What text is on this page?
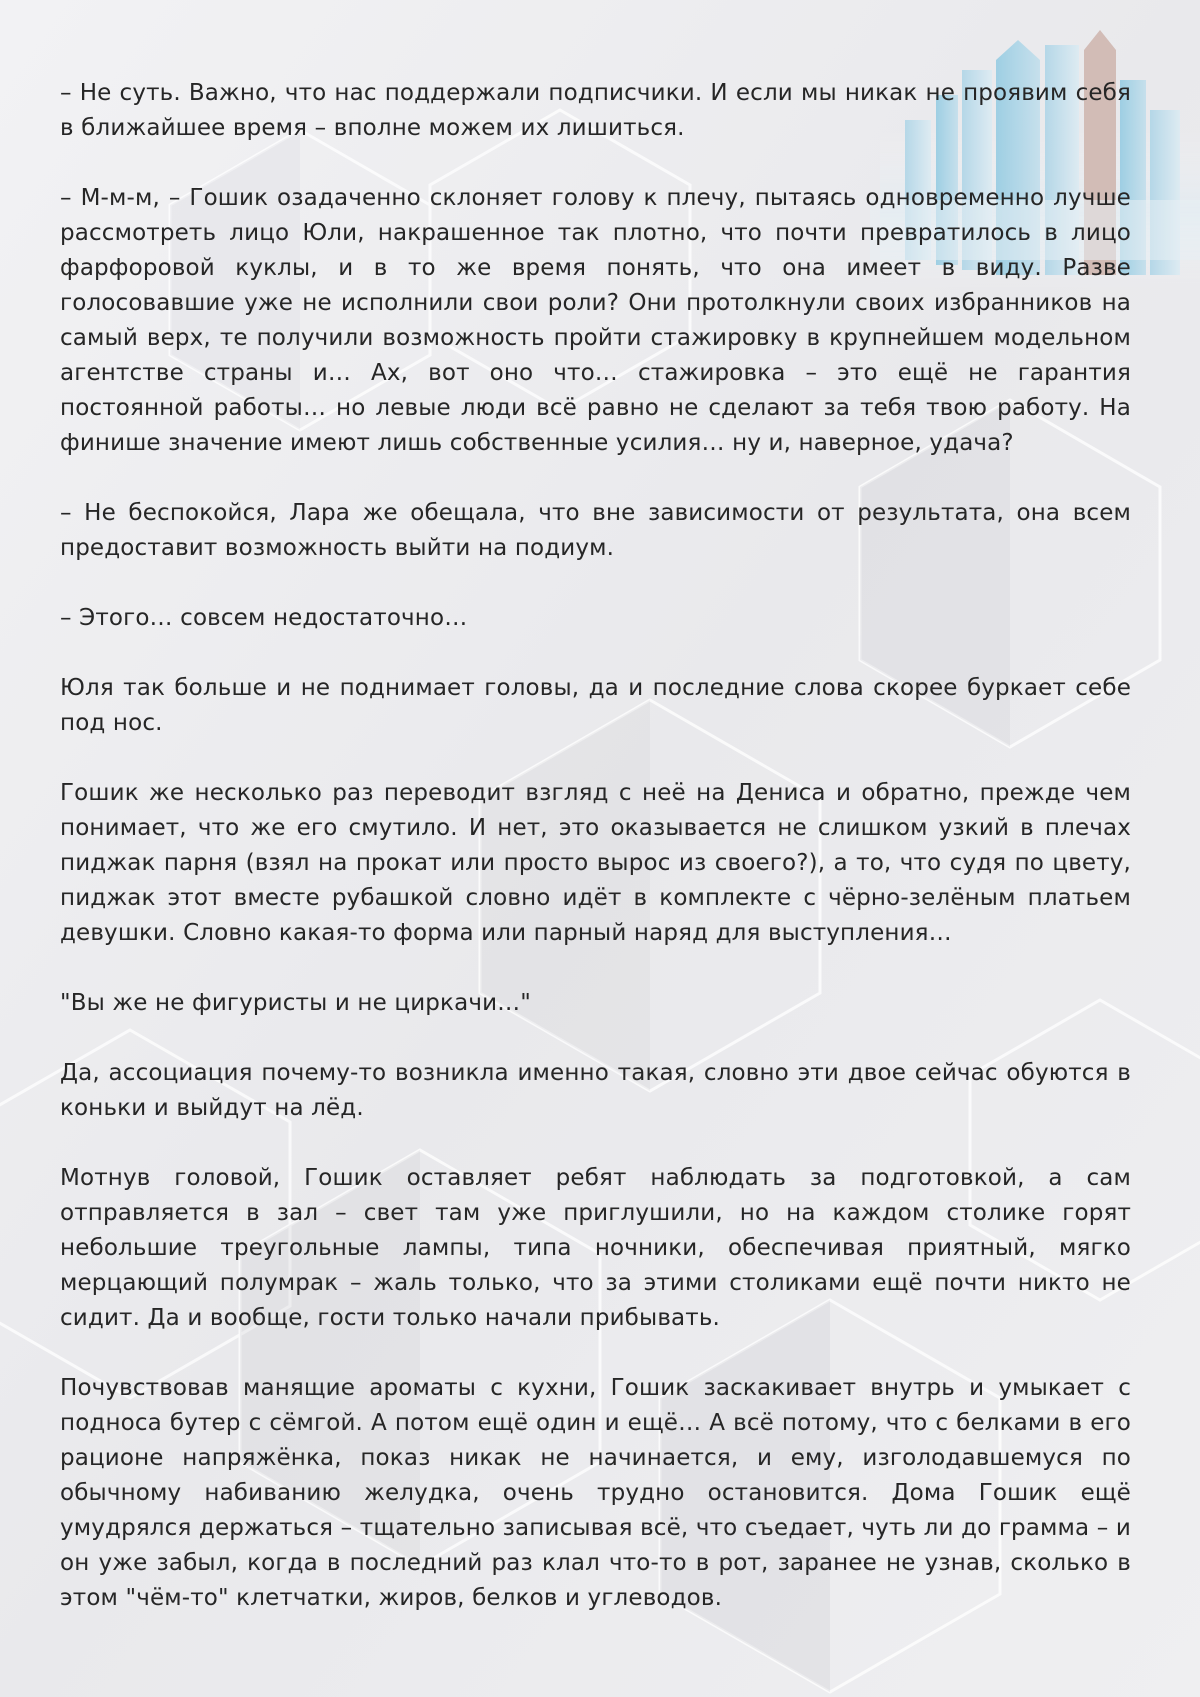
– Не суть. Важно, что нас поддержали подписчики. И если мы никак не проявим себя в ближайшее время – вполне можем их лишиться.

– М-м-м, – Гошик озадаченно склоняет голову к плечу, пытаясь одновременно лучше рассмотреть лицо Юли, накрашенное так плотно, что почти превратилось в лицо фарфоровой куклы, и в то же время понять, что она имеет в виду. Разве голосовавшие уже не исполнили свои роли? Они протолкнули своих избранников на самый верх, те получили возможность пройти стажировку в крупнейшем модельном агентстве страны и… Ах, вот оно что… стажировка – это ещё не гарантия постоянной работы… но левые люди всё равно не сделают за тебя твою работу. На финише значение имеют лишь собственные усилия… ну и, наверное, удача?

– Не беспокойся, Лара же обещала, что вне зависимости от результата, она всем предоставит возможность выйти на подиум.

– Этого… совсем недостаточно…

Юля так больше и не поднимает головы, да и последние слова скорее буркает себе под нос.

Гошик же несколько раз переводит взгляд с неё на Дениса и обратно, прежде чем понимает, что же его смутило. И нет, это оказывается не слишком узкий в плечах пиджак парня (взял на прокат или просто вырос из своего?), а то, что судя по цвету, пиджак этот вместе рубашкой словно идёт в комплекте с чёрно-зелёным платьем девушки. Словно какая-то форма или парный наряд для выступления…

"Вы же не фигуристы и не циркачи…"

Да, ассоциация почему-то возникла именно такая, словно эти двое сейчас обуются в коньки и выйдут на лёд.

Мотнув головой, Гошик оставляет ребят наблюдать за подготовкой, а сам отправляется в зал – свет там уже приглушили, но на каждом столике горят небольшие треугольные лампы, типа ночники, обеспечивая приятный, мягко мерцающий полумрак – жаль только, что за этими столиками ещё почти никто не сидит. Да и вообще, гости только начали прибывать.

Почувствовав манящие ароматы с кухни, Гошик заскакивает внутрь и умыкает с подноса бутер с сёмгой. А потом ещё один и ещё… А всё потому, что с белками в его рационе напряжёнка, показ никак не начинается, и ему, изголодавшемуся по обычному набиванию желудка, очень трудно остановится. Дома Гошик ещё умудрялся держаться – тщательно записывая всё, что съедает, чуть ли до грамма – и он уже забыл, когда в последний раз клал что-то в рот, заранее не узнав, сколько в этом "чём-то" клетчатки, жиров, белков и углеводов.
